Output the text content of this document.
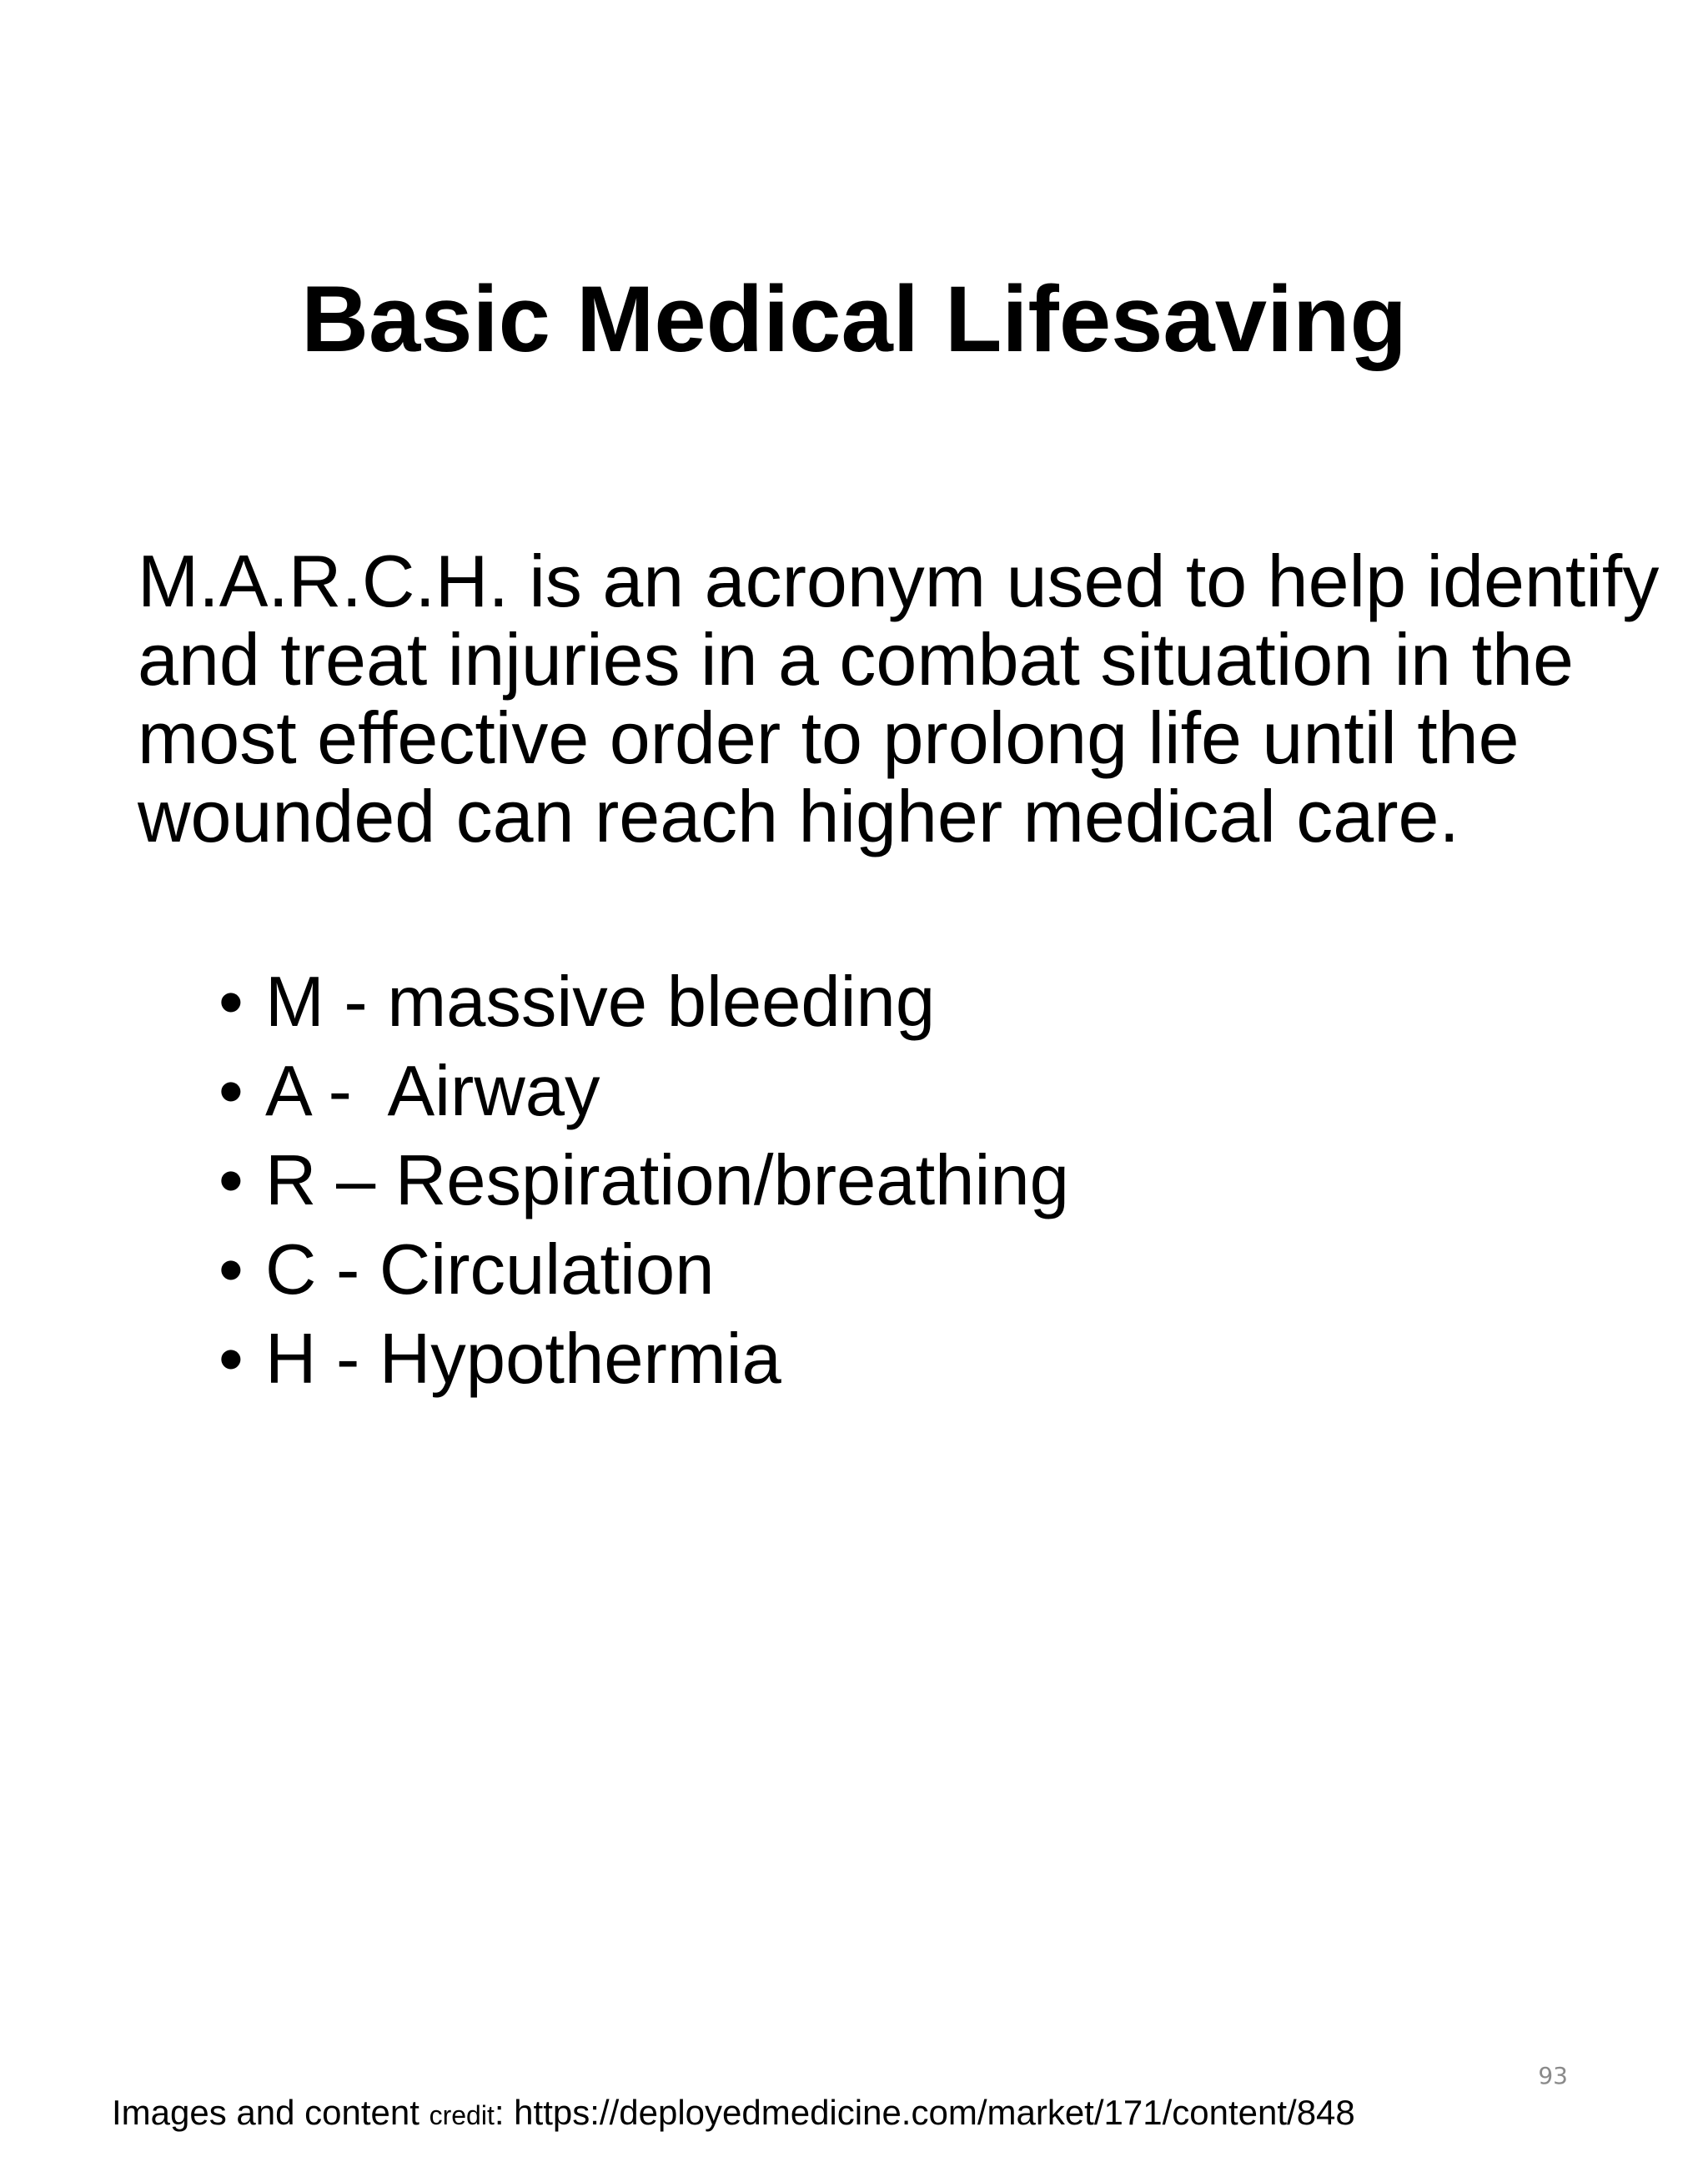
Basic Medical Lifesaving

M.A.R.C.H. is an acronym used to help identify
and treat injuries in a combat situation in the
most effective order to prolong life until the
wounded can reach higher medical care.

• M - massive bleeding
• A -  Airway
• R – Respiration/breathing
• C - Circulation
• H - Hypothermia

93

Images and content credit: https://deployedmedicine.com/market/171/content/848
